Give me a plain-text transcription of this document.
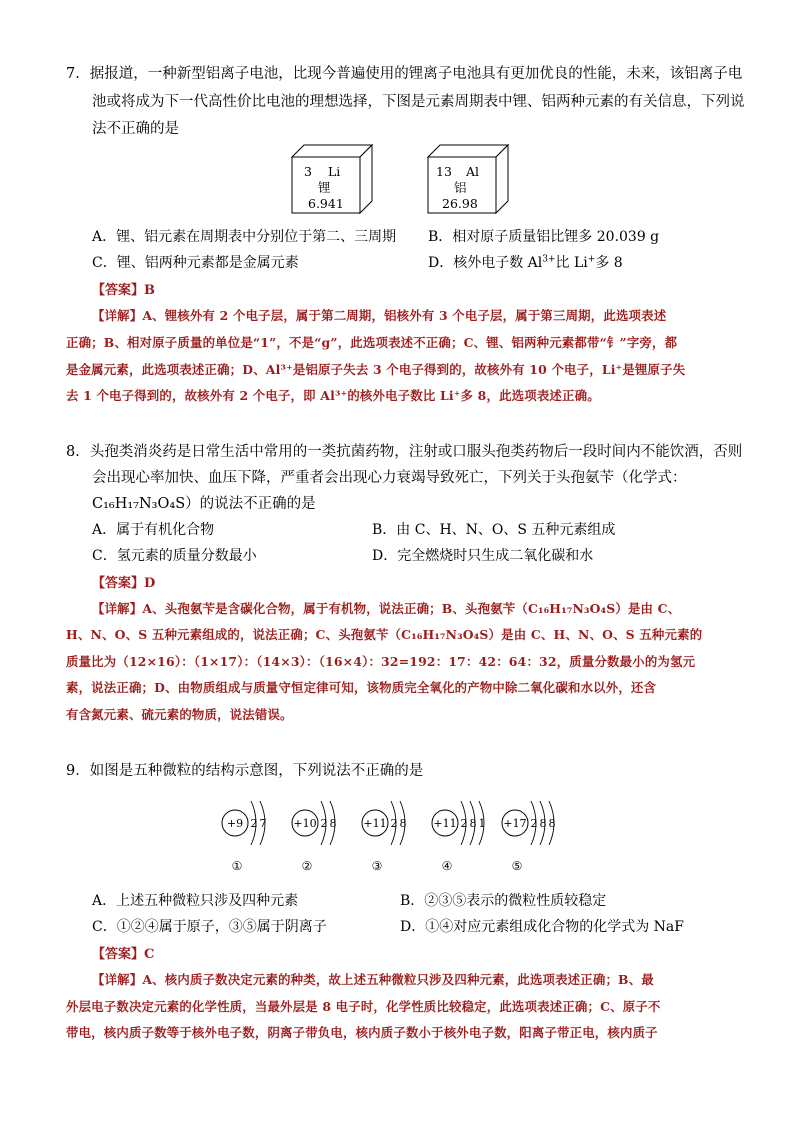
7．据报道，一种新型铝离子电池，比现今普遍使用的锂离子电池具有更加优良的性能，未来，该铝离子电
池或将成为下一代高性价比电池的理想选择，下图是元素周期表中锂、铝两种元素的有关信息，下列说
法不正确的是
3 Li
锂
6.941
13 Al
铝
26.98
A．锂、铝元素在周期表中分别位于第二、三周期 B．相对原子质量铝比锂多 20.039 g
C．锂、铝两种元素都是金属元素	D．核外电子数 $Al^{3+}$比 Li+多 8
【答案】B
【详解】A、锂核外有 2 个电子层，属于第二周期，铝核外有 3 个电子层，属于第三周期，此选项表述
正确；B、相对原子质量的单位是“1”，不是“g”，此选项表述不正确；C、锂、铝两种元素都带“钅”字旁，都
是金属元素，此选项表述正确；D、Al³⁺是铝原子失去 3 个电子得到的，故核外有 10 个电子，Li⁺是锂原子失
去 1 个电子得到的，故核外有 2 个电子，即 Al³⁺的核外电子数比 Li⁺多 8，此选项表述正确。
8．头孢类消炎药是日常生活中常用的一类抗菌药物，注射或口服头孢类药物后一段时间内不能饮酒，否则
会出现心率加快、血压下降，严重者会出现心力衰竭导致死亡，下列关于头孢氨苄（化学式：
C₁₆H₁₇N₃O₄S）的说法不正确的是
A．属于有机化合物	B．由 C、H、N、O、S 五种元素组成
C．氢元素的质量分数最小	D．完全燃烧时只生成二氧化碳和水
【答案】D
【详解】A、头孢氨苄是含碳化合物，属于有机物，说法正确；B、头孢氨苄（C₁₆H₁₇N₃O₄S）是由 C、
H、N、O、S 五种元素组成的，说法正确；C、头孢氨苄（C₁₆H₁₇N₃O₄S）是由 C、H、N、O、S 五种元素的
质量比为（12×16）：（1×17）：（14×3）：（16×4）：32=192：17：42：64：32，质量分数最小的为氢元
素，说法正确；D、由物质组成与质量守恒定律可知，该物质完全氧化的产物中除二氧化碳和水以外，还含
有含氮元素、硫元素的物质，说法错误。
9．如图是五种微粒的结构示意图，下列说法不正确的是
+9 2 7
①
+10 2 8
②
+11 2 8
③
+11 2 8 1
④
+17 2 8 8
⑤
A．上述五种微粒只涉及四种元素	B．②③⑤表示的微粒性质较稳定
C．①②④属于原子，③⑤属于阴离子	D．①④对应元素组成化合物的化学式为 NaF
【答案】C
【详解】A、核内质子数决定元素的种类，故上述五种微粒只涉及四种元素，此选项表述正确；B、最
外层电子数决定元素的化学性质，当最外层是 8 电子时，化学性质比较稳定，此选项表述正确；C、原子不
带电，核内质子数等于核外电子数，阴离子带负电，核内质子数小于核外电子数，阳离子带正电，核内质子
